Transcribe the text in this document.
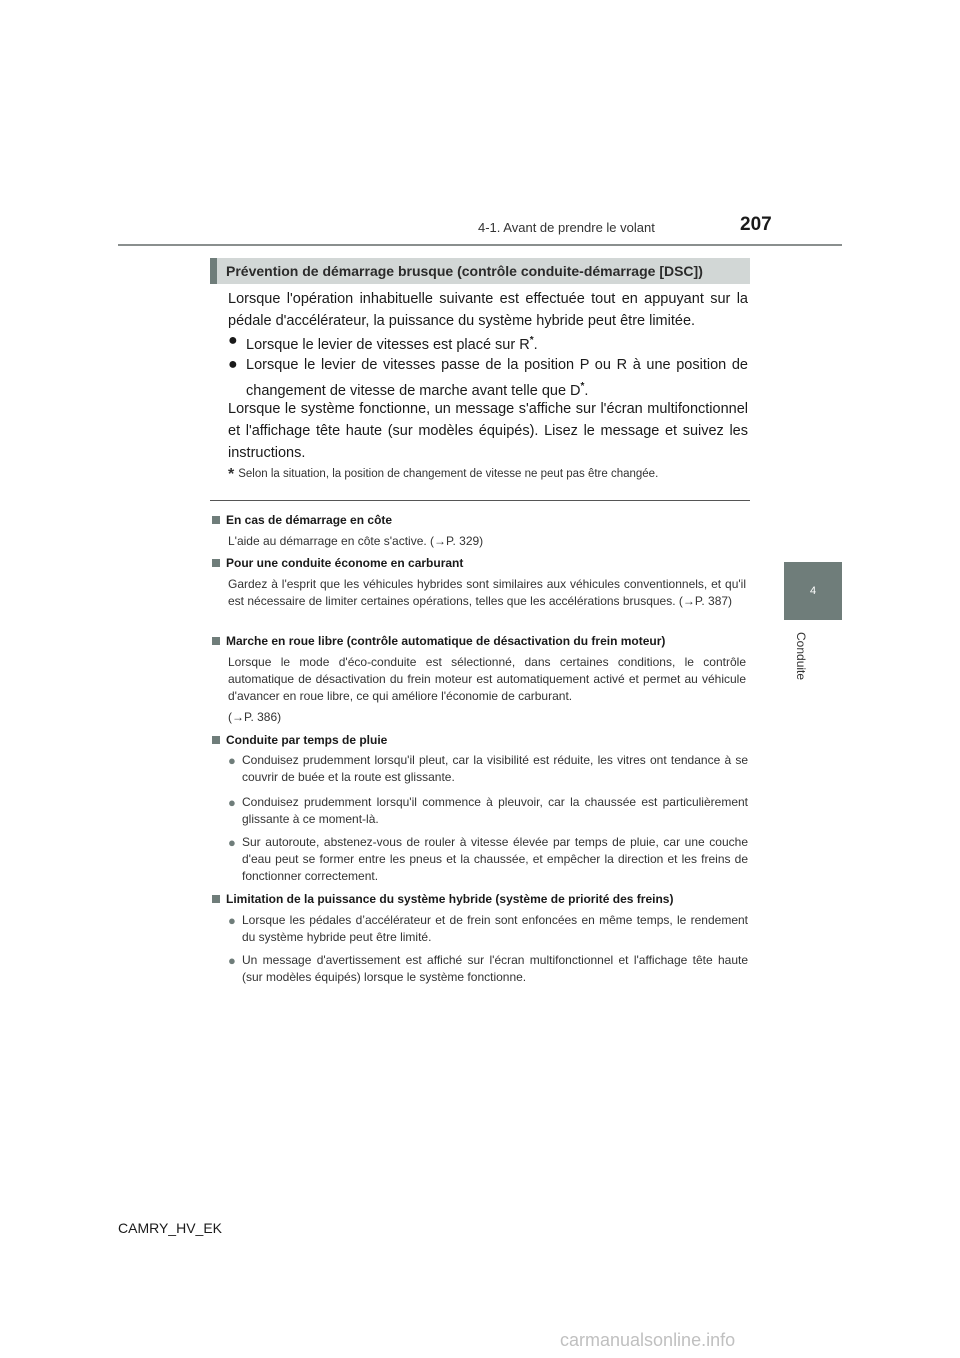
4-1. Avant de prendre le volant	207
4
Conduite
Prévention de démarrage brusque (contrôle conduite-démarrage [DSC])
Lorsque l'opération inhabituelle suivante est effectuée tout en appuyant sur la pédale d'accélérateur, la puissance du système hybride peut être limitée.
● Lorsque le levier de vitesses est placé sur R*.
● Lorsque le levier de vitesses passe de la position P ou R à une position de changement de vitesse de marche avant telle que D*.
Lorsque le système fonctionne, un message s'affiche sur l'écran multifonctionnel et l'affichage tête haute (sur modèles équipés). Lisez le message et suivez les instructions.
* Selon la situation, la position de changement de vitesse ne peut pas être changée.
En cas de démarrage en côte
L'aide au démarrage en côte s'active. (→P. 329)
Pour une conduite économe en carburant
Gardez à l'esprit que les véhicules hybrides sont similaires aux véhicules conventionnels, et qu'il est nécessaire de limiter certaines opérations, telles que les accélérations brusques. (→P. 387)
Marche en roue libre (contrôle automatique de désactivation du frein moteur)
Lorsque le mode d'éco-conduite est sélectionné, dans certaines conditions, le contrôle automatique de désactivation du frein moteur est automatiquement activé et permet au véhicule d'avancer en roue libre, ce qui améliore l'économie de carburant.
(→P. 386)
Conduite par temps de pluie
● Conduisez prudemment lorsqu'il pleut, car la visibilité est réduite, les vitres ont tendance à se couvrir de buée et la route est glissante.
● Conduisez prudemment lorsqu'il commence à pleuvoir, car la chaussée est particulièrement glissante à ce moment-là.
● Sur autoroute, abstenez-vous de rouler à vitesse élevée par temps de pluie, car une couche d'eau peut se former entre les pneus et la chaussée, et empêcher la direction et les freins de fonctionner correctement.
Limitation de la puissance du système hybride (système de priorité des freins)
● Lorsque les pédales d’accélérateur et de frein sont enfoncées en même temps, le rendement du système hybride peut être limité.
● Un message d'avertissement est affiché sur l'écran multifonctionnel et l'affichage tête haute (sur modèles équipés) lorsque le système fonctionne.
CAMRY_HV_EK
carmanualsonline.info
